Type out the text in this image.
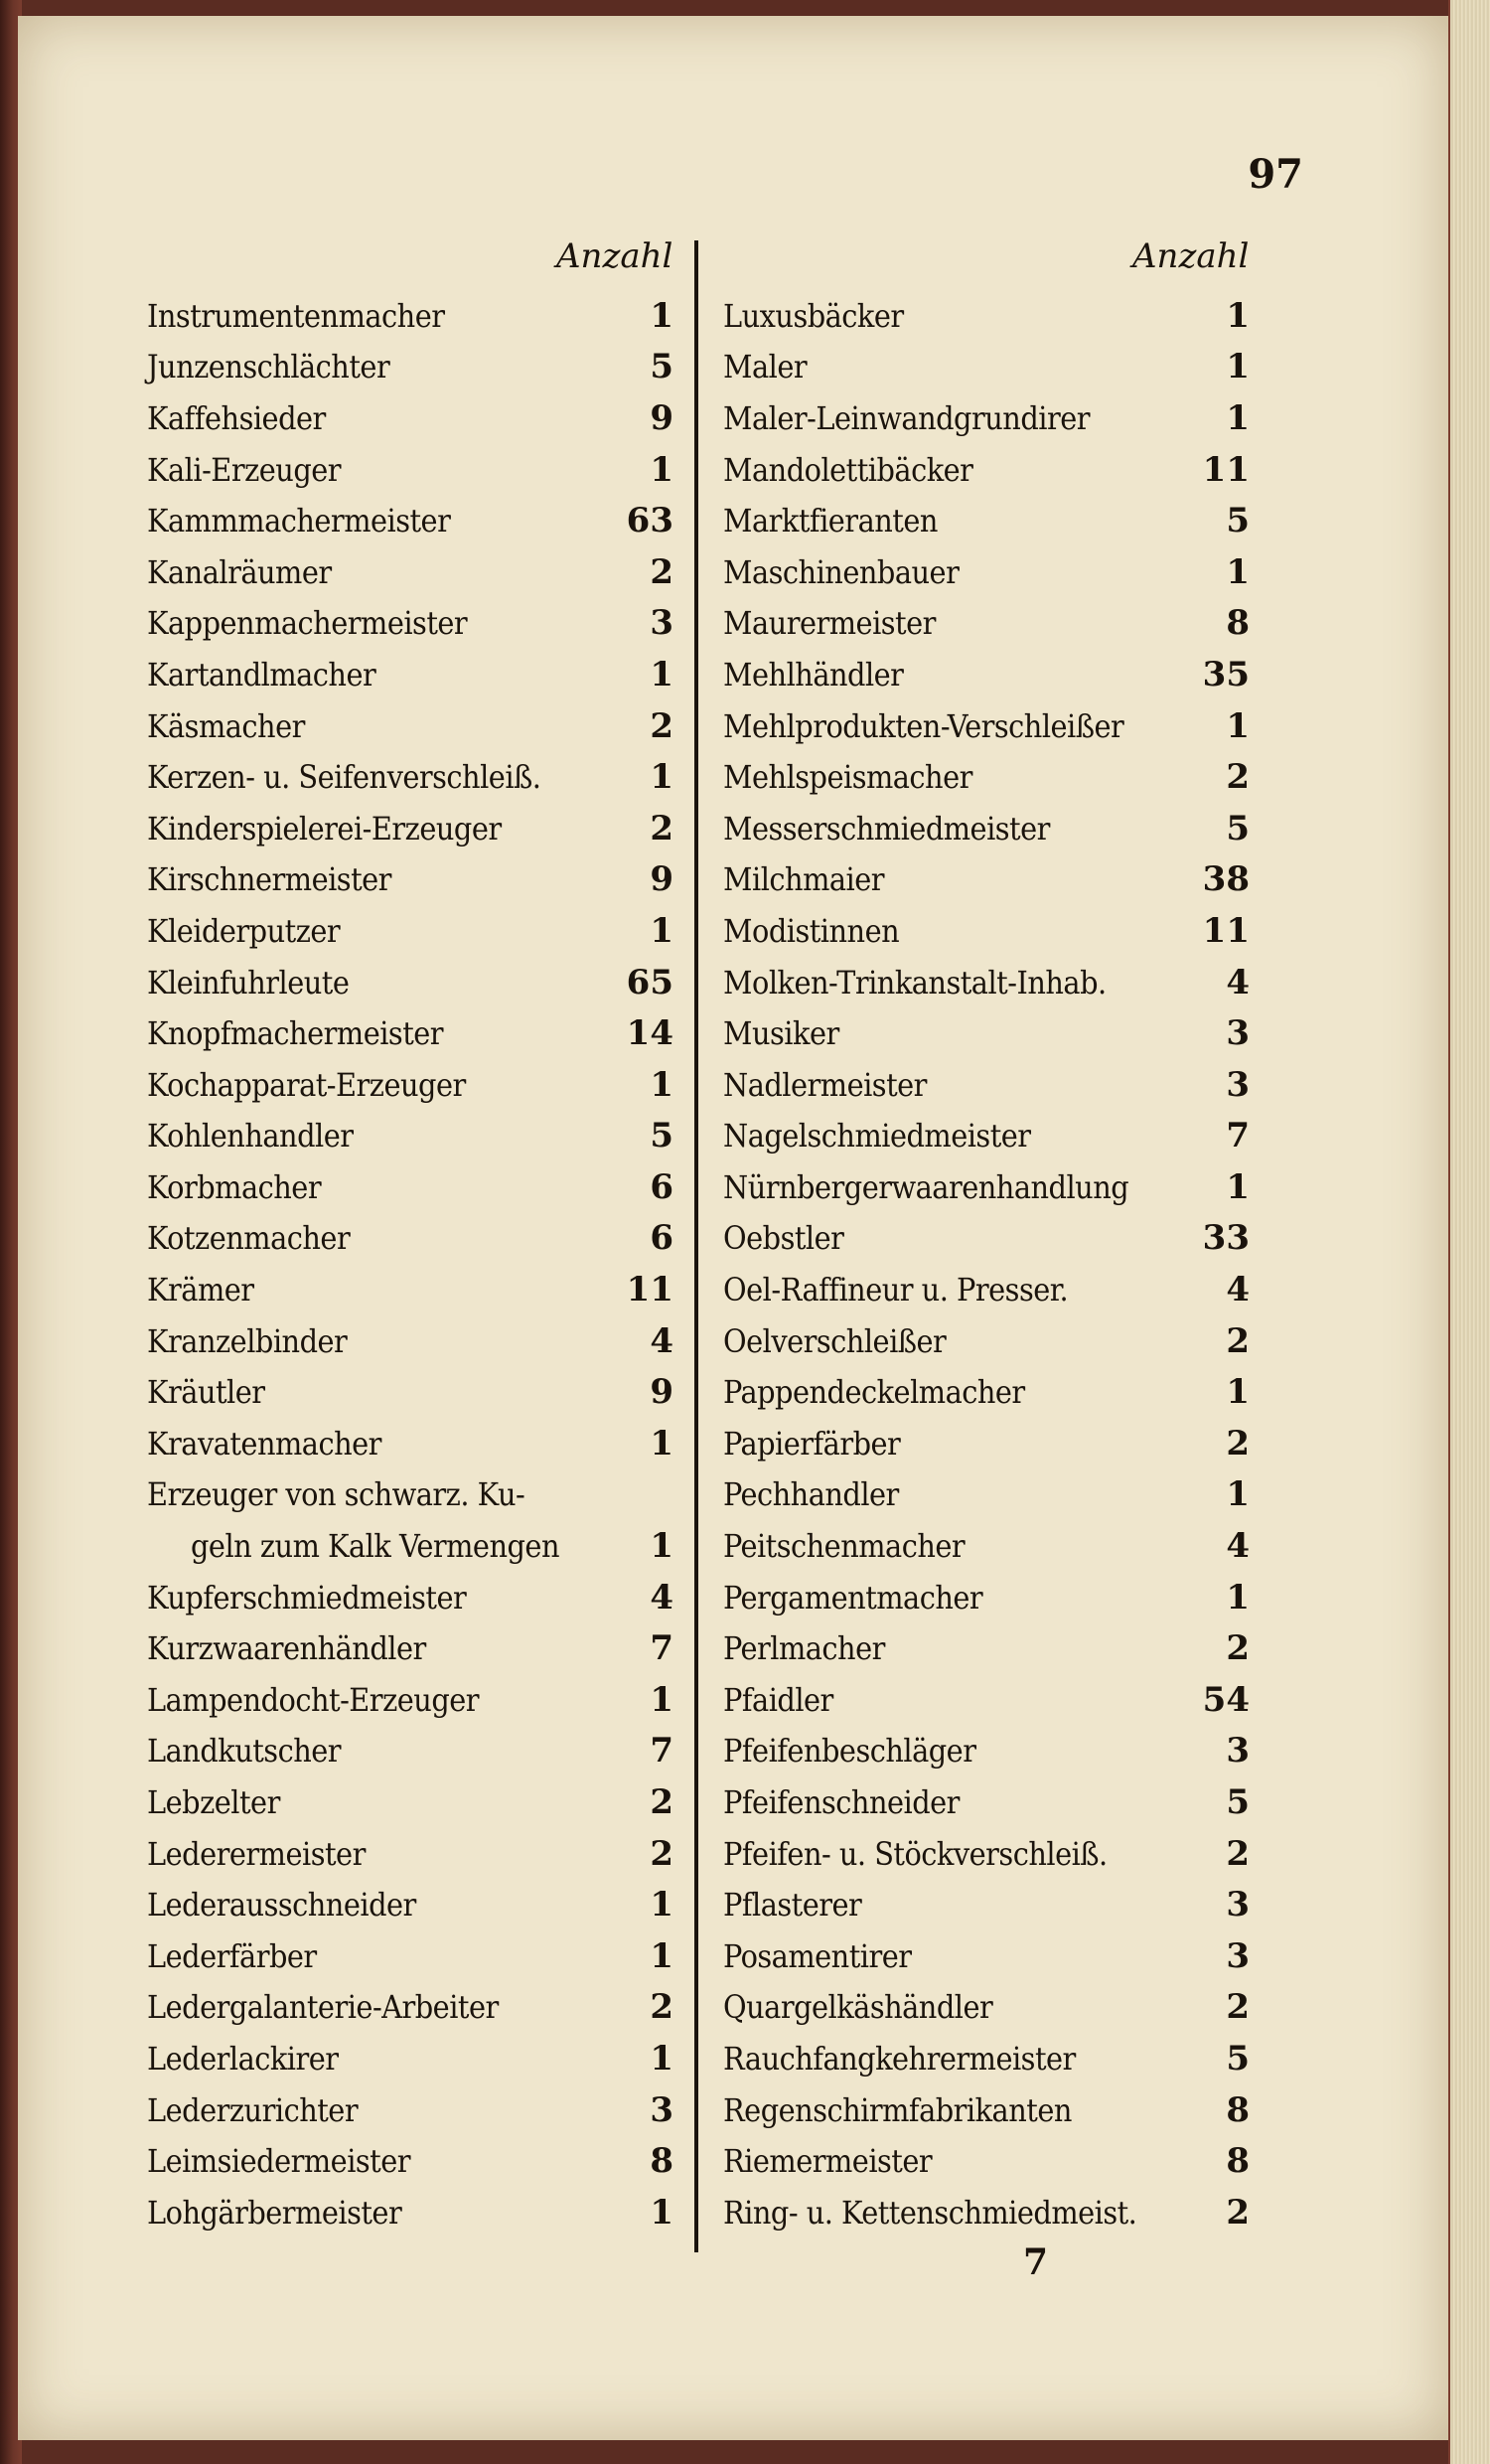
97
Anzahl	Anzahl
Instrumentenmacher	1
Junzenschlächter	5
Kaffehsieder	9
Kali-Erzeuger	1
Kammmachermeister	63
Kanalräumer	2
Kappenmachermeister	3
Kartandlmacher	1
Käsmacher	2
Kerzen- u. Seifenverschleiß.	1
Kinderspielerei-Erzeuger	2
Kirschnermeister	9
Kleiderputzer	1
Kleinfuhrleute	65
Knopfmachermeister	14
Kochapparat-Erzeuger	1
Kohlenhandler	5
Korbmacher	6
Kotzenmacher	6
Krämer	11
Kranzelbinder	4
Kräutler	9
Kravatenmacher	1
Erzeuger von schwarz. Ku-
geln zum Kalk Vermengen	1
Kupferschmiedmeister	4
Kurzwaarenhändler	7
Lampendocht-Erzeuger	1
Landkutscher	7
Lebzelter	2
Lederermeister	2
Lederausschneider	1
Lederfärber	1
Ledergalanterie-Arbeiter	2
Lederlackirer	1
Lederzurichter	3
Leimsiedermeister	8
Lohgärbermeister	1
Luxusbäcker	1
Maler	1
Maler-Leinwandgrundirer	1
Mandolettibäcker	11
Marktfieranten	5
Maschinenbauer	1
Maurermeister	8
Mehlhändler	35
Mehlprodukten-Verschleißer	1
Mehlspeismacher	2
Messerschmiedmeister	5
Milchmaier	38
Modistinnen	11
Molken-Trinkanstalt-Inhab.	4
Musiker	3
Nadlermeister	3
Nagelschmiedmeister	7
Nürnbergerwaarenhandlung	1
Oebstler	33
Oel-Raffineur u. Presser.	4
Oelverschleißer	2
Pappendeckelmacher	1
Papierfärber	2
Pechhandler	1
Peitschenmacher	4
Pergamentmacher	1
Perlmacher	2
Pfaidler	54
Pfeifenbeschläger	3
Pfeifenschneider	5
Pfeifen- u. Stöckverschleiß.	2
Pflasterer	3
Posamentirer	3
Quargelkäshändler	2
Rauchfangkehrermeister	5
Regenschirmfabrikanten	8
Riemermeister	8
Ring- u. Kettenschmiedmeist.	2
7
